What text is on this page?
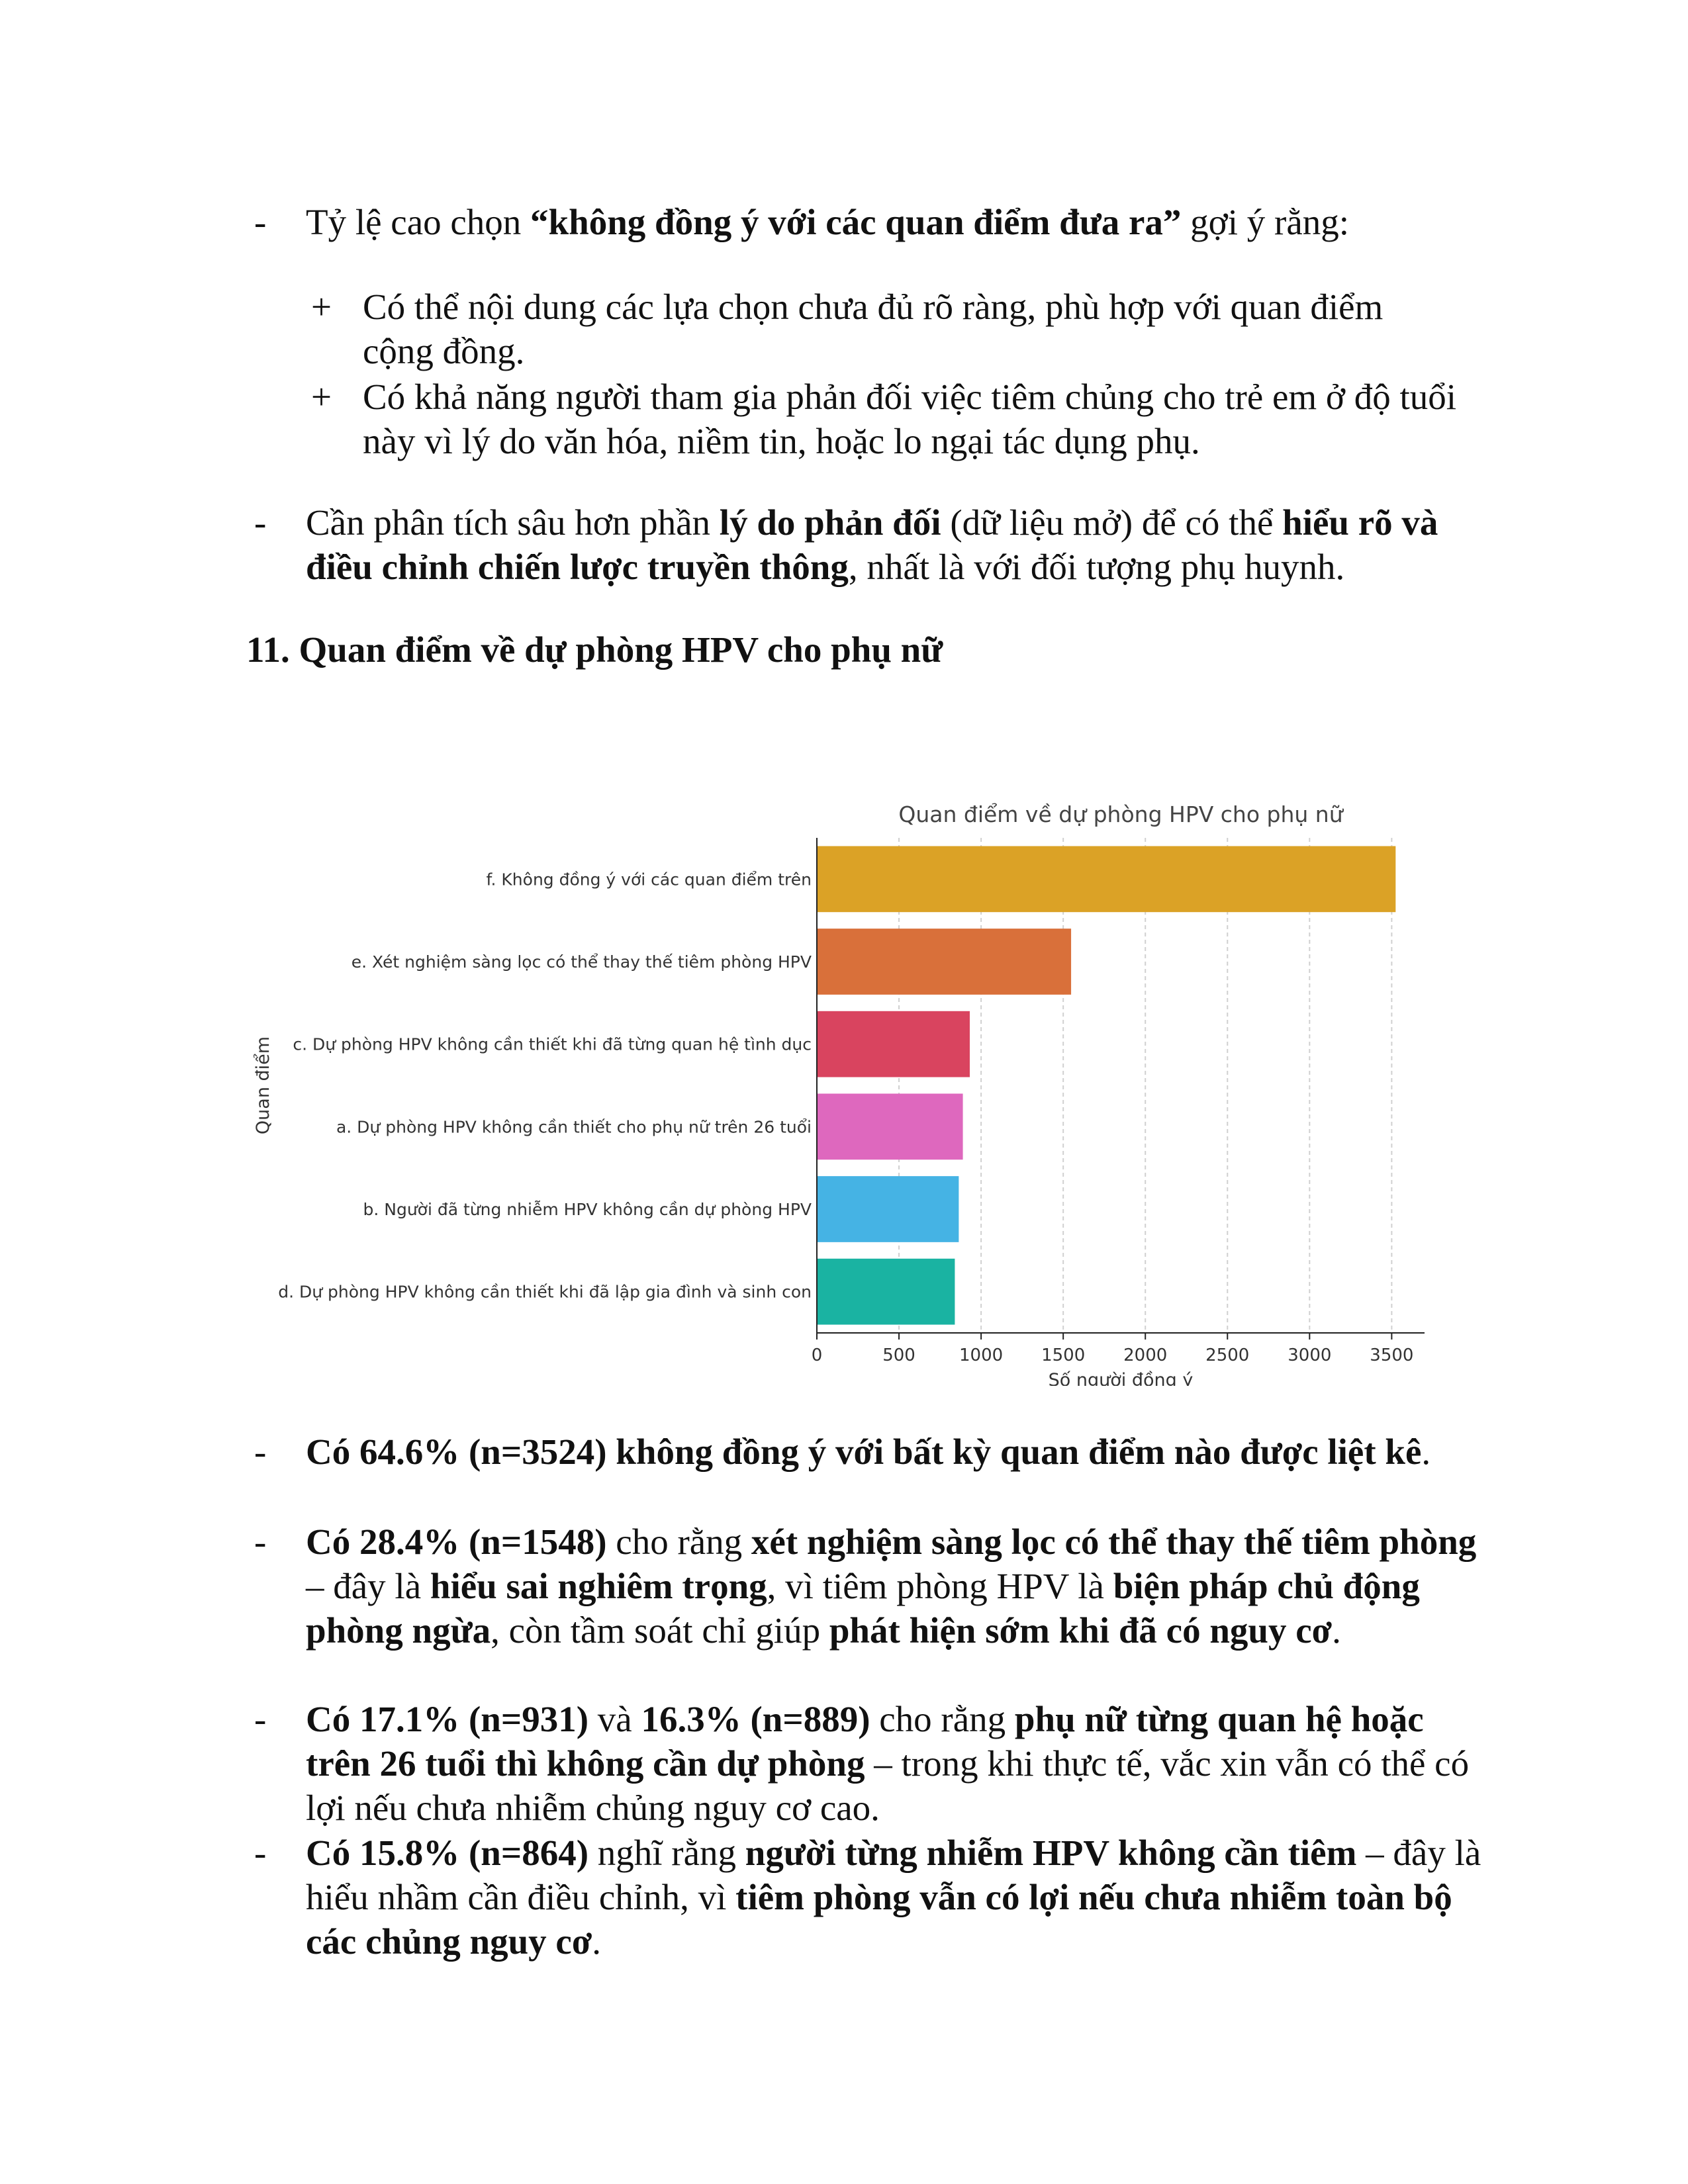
- Tỷ lệ cao chọn “không đồng ý với các quan điểm đưa ra” gợi ý rằng:

+ Có thể nội dung các lựa chọn chưa đủ rõ ràng, phù hợp với quan điểm cộng đồng.

+ Có khả năng người tham gia phản đối việc tiêm chủng cho trẻ em ở độ tuổi này vì lý do văn hóa, niềm tin, hoặc lo ngại tác dụng phụ.

- Cần phân tích sâu hơn phần lý do phản đối (dữ liệu mở) để có thể hiểu rõ và điều chỉnh chiến lược truyền thông, nhất là với đối tượng phụ huynh.

11. Quan điểm về dự phòng HPV cho phụ nữ
Quan điểm về dự phòng HPV cho phụ nữ
f. Không đồng ý với các quan điểm trên
e. Xét nghiệm sàng lọc có thể thay thế tiêm phòng HPV
c. Dự phòng HPV không cần thiết khi đã từng quan hệ tình dục
a. Dự phòng HPV không cần thiết cho phụ nữ trên 26 tuổi
b. Người đã từng nhiễm HPV không cần dự phòng HPV
d. Dự phòng HPV không cần thiết khi đã lập gia đình và sinh con
0	500	1000 1500 2000 2500 3000 3500
Số người đồng ý
Quan điểm
- Có 64.6% (n=3524) không đồng ý với bất kỳ quan điểm nào được liệt kê.

- Có 28.4% (n=1548) cho rằng xét nghiệm sàng lọc có thể thay thế tiêm phòng – đây là hiểu sai nghiêm trọng, vì tiêm phòng HPV là biện pháp chủ động phòng ngừa, còn tầm soát chỉ giúp phát hiện sớm khi đã có nguy cơ.

- Có 17.1% (n=931) và 16.3% (n=889) cho rằng phụ nữ từng quan hệ hoặc trên 26 tuổi thì không cần dự phòng – trong khi thực tế, vắc xin vẫn có thể có lợi nếu chưa nhiễm chủng nguy cơ cao.

- Có 15.8% (n=864) nghĩ rằng người từng nhiễm HPV không cần tiêm – đây là hiểu nhầm cần điều chỉnh, vì tiêm phòng vẫn có lợi nếu chưa nhiễm toàn bộ các chủng nguy cơ.
